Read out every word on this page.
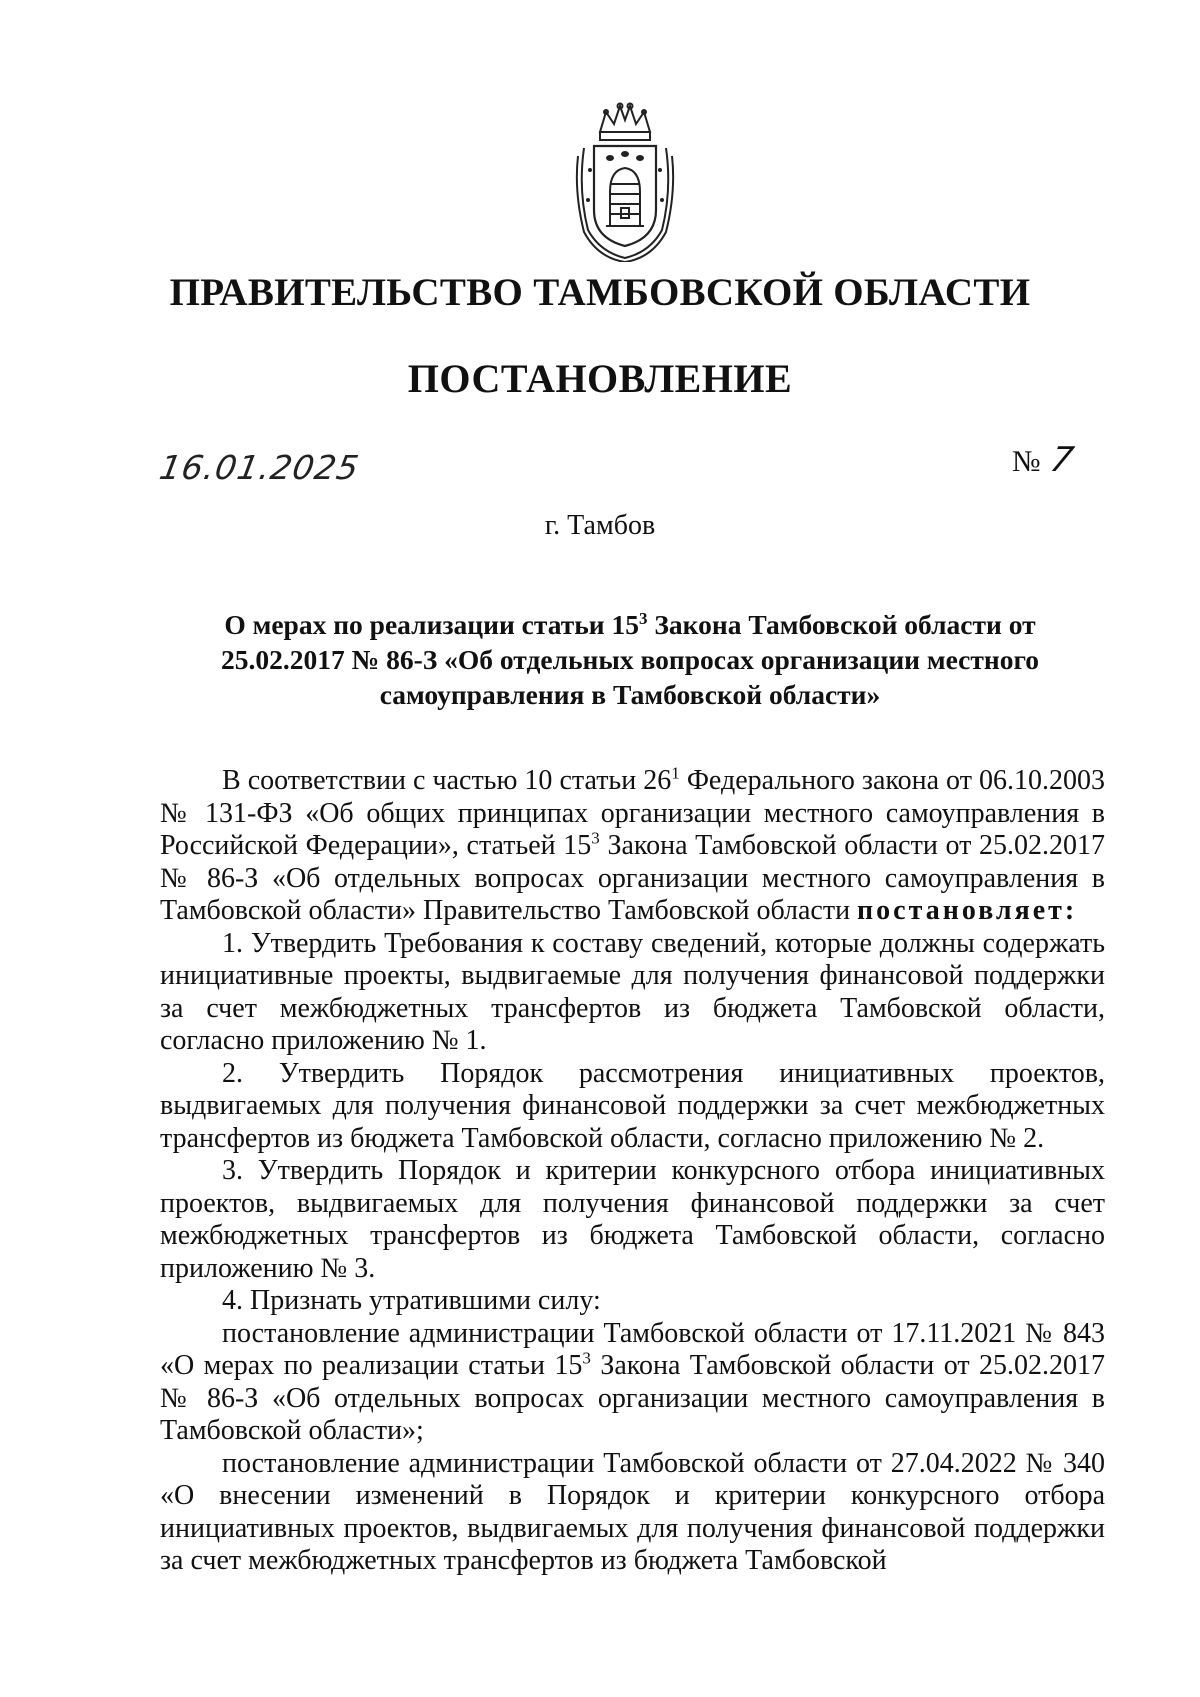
ПРАВИТЕЛЬСТВО ТАМБОВСКОЙ ОБЛАСТИ
ПОСТАНОВЛЕНИЕ
16.01.2025	№ 7
г. Тамбов
О мерах по реализации статьи $15^3$ Закона Тамбовской области от
25.02.2017 № 86-З «Об отдельных вопросах организации местного
самоуправления в Тамбовской области»

В соответствии с частью 10 статьи $26^1$ Федерального закона от 06.10.2003 № 131-ФЗ «Об общих принципах организации местного самоуправления в Российской Федерации», статьей $15^3$ Закона Тамбовской области от 25.02.2017 № 86-З «Об отдельных вопросах организации местного самоуправления в Тамбовской области» Правительство Тамбовской области постановляет:

1. Утвердить Требования к составу сведений, которые должны содержать инициативные проекты, выдвигаемые для получения финансовой поддержки за счет межбюджетных трансфертов из бюджета Тамбовской области, согласно приложению № 1.

2. Утвердить Порядок рассмотрения инициативных проектов, выдвигаемых для получения финансовой поддержки за счет межбюджетных трансфертов из бюджета Тамбовской области, согласно приложению № 2.

3. Утвердить Порядок и критерии конкурсного отбора инициативных проектов, выдвигаемых для получения финансовой поддержки за счет межбюджетных трансфертов из бюджета Тамбовской области, согласно приложению № 3.

4. Признать утратившими силу:

постановление администрации Тамбовской области от 17.11.2021 № 843 «О мерах по реализации статьи $15^3$ Закона Тамбовской области от 25.02.2017 № 86-З «Об отдельных вопросах организации местного самоуправления в Тамбовской области»;

постановление администрации Тамбовской области от 27.04.2022 № 340 «О внесении изменений в Порядок и критерии конкурсного отбора инициативных проектов, выдвигаемых для получения финансовой поддержки за счет межбюджетных трансфертов из бюджета Тамбовской
